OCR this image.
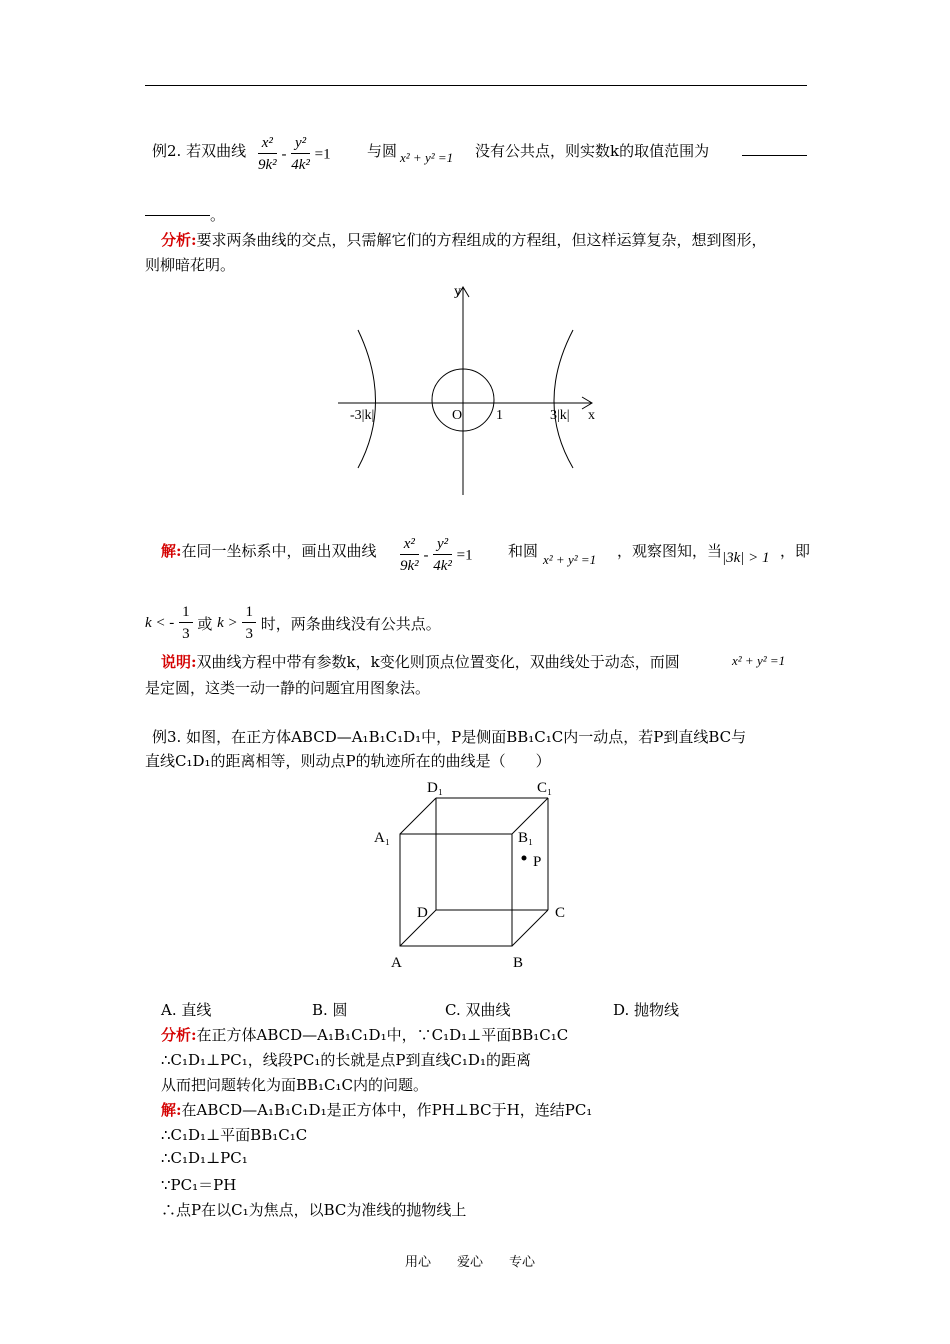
例2. 若双曲线 $\frac{\text{x²}}{\text{9k²}} - \frac{\text{y²}}{\text{4k²}} =1$ 与圆 x² + y² =1 没有公共点，则实数k的取值范围为
。
分析:要求两条曲线的交点，只需解它们的方程组成的方程组，但这样运算复杂，想到图形，
则柳暗花明。
y
x
O 1
-3|k|	3|k|
解:在同一坐标系中，画出双曲线 $\frac{\text{x²}}{\text{9k²}} - \frac{\text{y²}}{\text{4k²}} =1$ 和圆 x² + y² =1 ，观察图知，当 |3k| > 1 ，即
k < - $\frac{1}{3}$ 或 $k > \frac{1}{3}$ 时，两条曲线没有公共点。
说明:双曲线方程中带有参数k，k变化则顶点位置变化，双曲线处于动态，而圆	x² + y² =1
是定圆，这类一动一静的问题宜用图象法。
例3. 如图，在正方体ABCD—A₁B₁C₁D₁中，P是侧面BB₁C₁C内一动点，若P到直线BC与
直线C₁D₁的距离相等，则动点P的轨迹所在的曲线是（　　）
D₁	C₁
A₁	B₁
P
D	C
A	B
A. 直线	B. 圆	C. 双曲线	D. 抛物线
分析:在正方体ABCD—A₁B₁C₁D₁中，∵C₁D₁⊥平面BB₁C₁C
∴C₁D₁⊥PC₁，线段PC₁的长就是点P到直线C₁D₁的距离
从而把问题转化为面BB₁C₁C内的问题。
解:在ABCD—A₁B₁C₁D₁是正方体中，作PH⊥BC于H，连结PC₁
∴C₁D₁⊥平面BB₁C₁C
∴C₁D₁⊥PC₁
∵PC₁＝PH
∴点P在以C₁为焦点，以BC为准线的抛物线上
用心　　爱心　　专心
